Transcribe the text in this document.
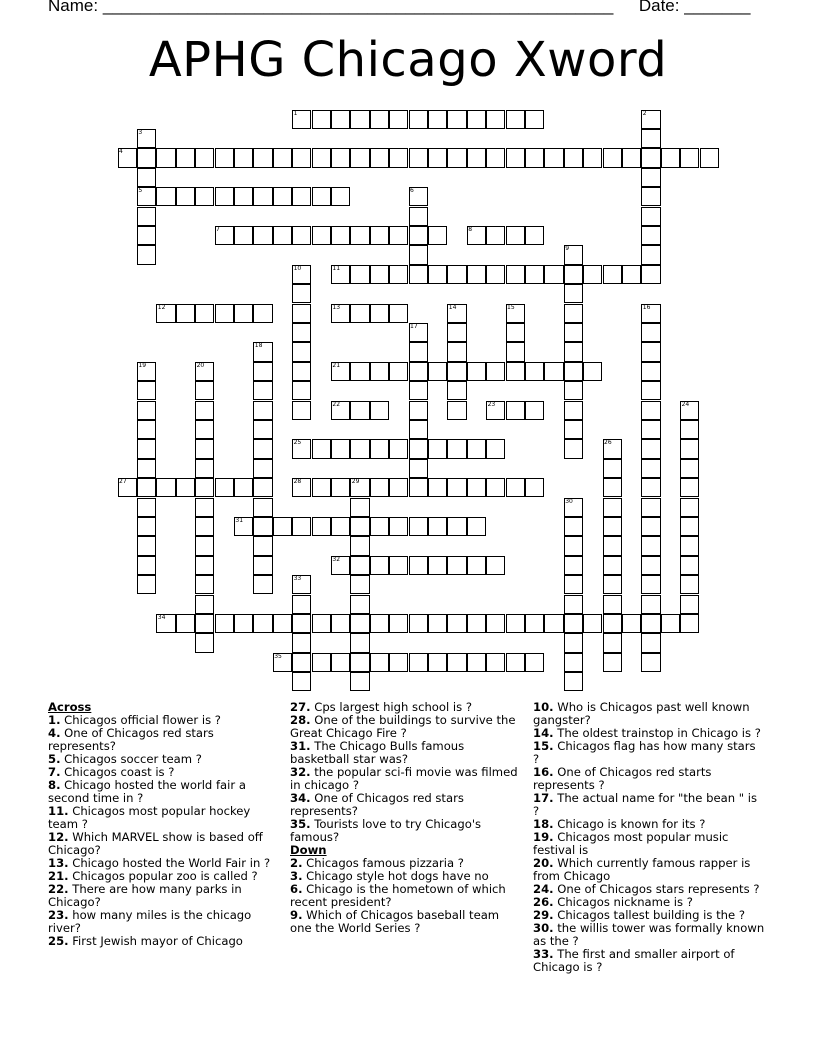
Name: ______________________________________________________ Date: _______
APHG Chicago Xword
1	2
3
4
5	6
7	8
9
10	11
12	13	14	15	16
17
18
19	20	21
22	23	24
25	26
27	28	29
30
31
32
33
34
35
Across
1. Chicagos official flower is ?
4. One of Chicagos red stars represents?
5. Chicagos soccer team ?
7. Chicagos coast is ?
8. Chicago hosted the world fair a second time in ?
11. Chicagos most popular hockey team ?
12. Which MARVEL show is based off Chicago?
13. Chicago hosted the World Fair in ?
21. Chicagos popular zoo is called ?
22. There are how many parks in Chicago?
23. how many miles is the chicago river?
25. First Jewish mayor of Chicago
27. Cps largest high school is ?
28. One of the buildings to survive the Great Chicago Fire ?
31. The Chicago Bulls famous basketball star was?
32. the popular sci-fi movie was filmed in chicago ?
34. One of Chicagos red stars represents?
35. Tourists love to try Chicago's famous?
Down
2. Chicagos famous pizzaria ?
3. Chicago style hot dogs have no
6. Chicago is the hometown of which recent president?
9. Which of Chicagos baseball team one the World Series ?
10. Who is Chicagos past well known gangster?
14. The oldest trainstop in Chicago is ?
15. Chicagos flag has how many stars ?
16. One of Chicagos red starts represents ?
17. The actual name for "the bean " is ?
18. Chicago is known for its ?
19. Chicagos most popular music festival is
20. Which currently famous rapper is from Chicago
24. One of Chicagos stars represents ?
26. Chicagos nickname is ?
29. Chicagos tallest building is the ?
30. the willis tower was formally known as the ?
33. The first and smaller airport of Chicago is ?
